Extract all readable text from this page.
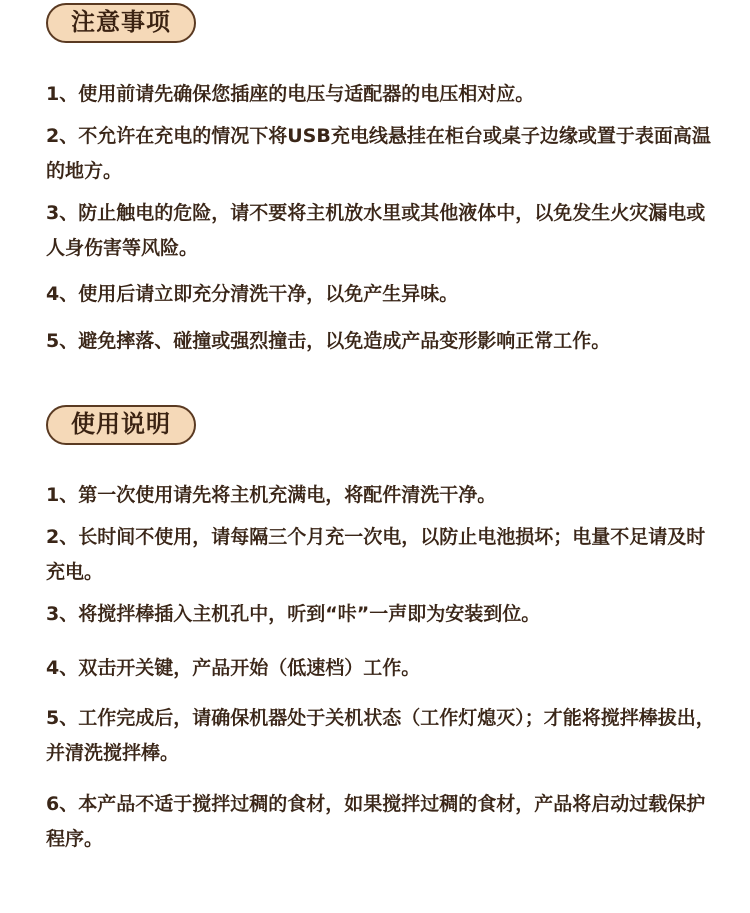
注意事项
1、使用前请先确保您插座的电压与适配器的电压相对应。
2、不允许在充电的情况下将USB充电线悬挂在柜台或桌子边缘或置于表面高温的地方。
3、防止触电的危险，请不要将主机放水里或其他液体中，以免发生火灾漏电或人身伤害等风险。
4、使用后请立即充分清洗干净，以免产生异味。
5、避免摔落、碰撞或强烈撞击，以免造成产品变形影响正常工作。
使用说明
1、第一次使用请先将主机充满电，将配件清洗干净。
2、长时间不使用，请每隔三个月充一次电，以防止电池损坏；电量不足请及时充电。
3、将搅拌棒插入主机孔中，听到“咔”一声即为安装到位。
4、双击开关键，产品开始（低速档）工作。
5、工作完成后，请确保机器处于关机状态（工作灯熄灭）；才能将搅拌棒拔出，并清洗搅拌棒。
6、本产品不适于搅拌过稠的食材，如果搅拌过稠的食材，产品将启动过载保护程序。
